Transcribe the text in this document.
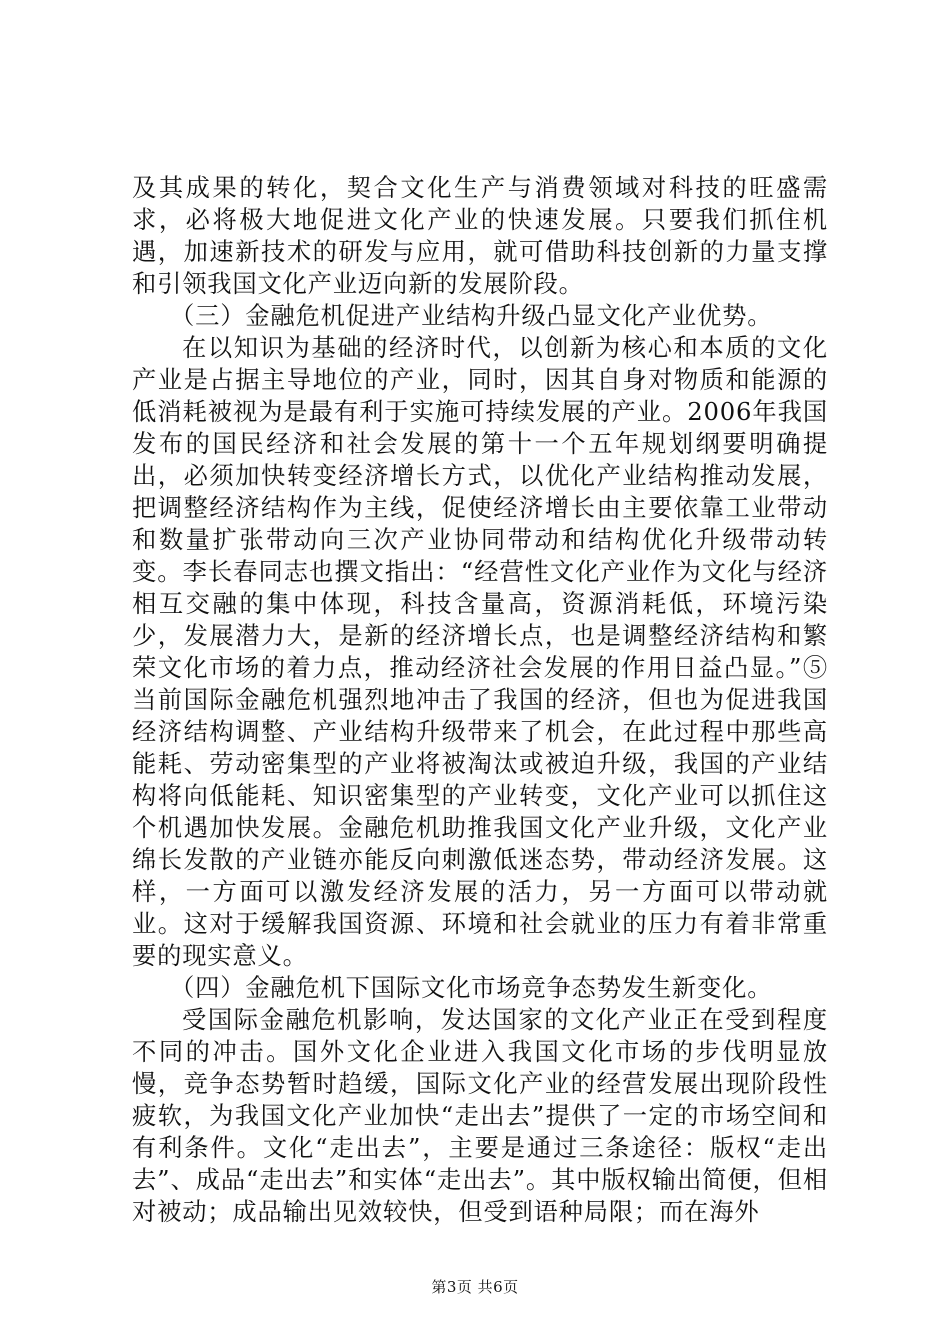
及其成果的转化，契合文化生产与消费领域对科技的旺盛需求，必将极大地促进文化产业的快速发展。只要我们抓住机遇，加速新技术的研发与应用，就可借助科技创新的力量支撑和引领我国文化产业迈向新的发展阶段。

（三）金融危机促进产业结构升级凸显文化产业优势。

在以知识为基础的经济时代，以创新为核心和本质的文化产业是占据主导地位的产业，同时，因其自身对物质和能源的低消耗被视为是最有利于实施可持续发展的产业。2006年我国发布的国民经济和社会发展的第十一个五年规划纲要明确提出，必须加快转变经济增长方式，以优化产业结构推动发展，把调整经济结构作为主线，促使经济增长由主要依靠工业带动和数量扩张带动向三次产业协同带动和结构优化升级带动转变。李长春同志也撰文指出：“经营性文化产业作为文化与经济相互交融的集中体现，科技含量高，资源消耗低，环境污染少，发展潜力大，是新的经济增长点，也是调整经济结构和繁荣文化市场的着力点，推动经济社会发展的作用日益凸显。”⑤当前国际金融危机强烈地冲击了我国的经济，但也为促进我国经济结构调整、产业结构升级带来了机会，在此过程中那些高能耗、劳动密集型的产业将被淘汰或被迫升级，我国的产业结构将向低能耗、知识密集型的产业转变，文化产业可以抓住这个机遇加快发展。金融危机助推我国文化产业升级，文化产业绵长发散的产业链亦能反向刺激低迷态势，带动经济发展。这样，一方面可以激发经济发展的活力，另一方面可以带动就业。这对于缓解我国资源、环境和社会就业的压力有着非常重要的现实意义。

（四）金融危机下国际文化市场竞争态势发生新变化。

受国际金融危机影响，发达国家的文化产业正在受到程度不同的冲击。国外文化企业进入我国文化市场的步伐明显放慢，竞争态势暂时趋缓，国际文化产业的经营发展出现阶段性疲软，为我国文化产业加快“走出去”提供了一定的市场空间和有利条件。文化“走出去”，主要是通过三条途径：版权“走出去”、成品“走出去”和实体“走出去”。其中版权输出简便，但相对被动；成品输出见效较快，但受到语种局限；而在海外

第3页 共6页
